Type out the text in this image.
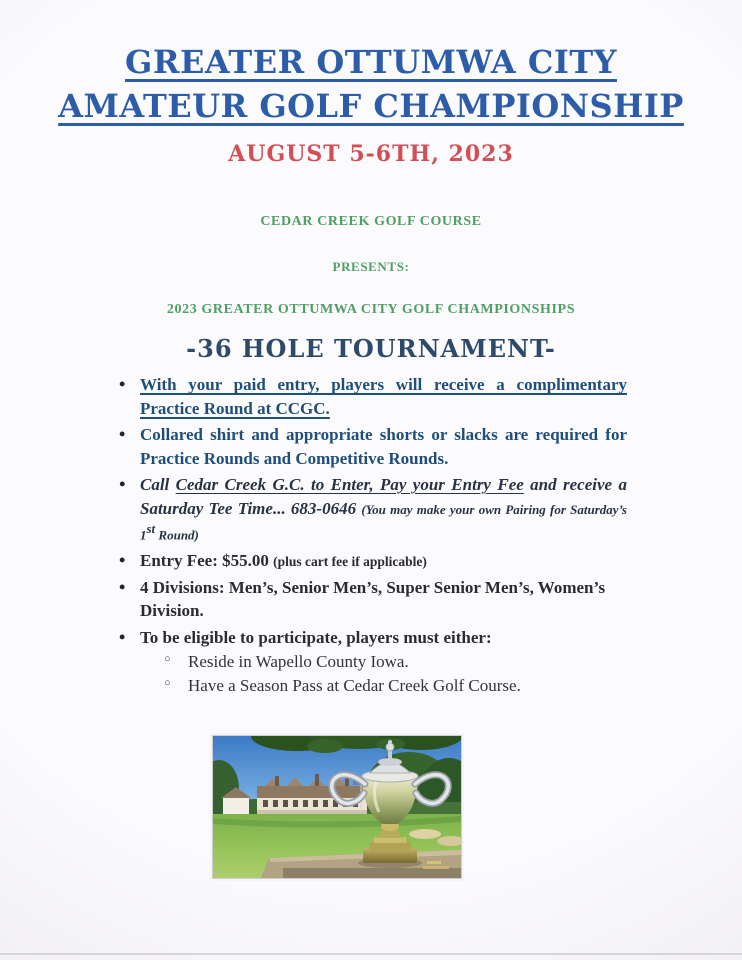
GREATER OTTUMWA CITY
AMATEUR GOLF CHAMPIONSHIP
AUGUST 5-6TH, 2023
CEDAR CREEK GOLF COURSE
PRESENTS:
2023 GREATER OTTUMWA CITY GOLF CHAMPIONSHIPS
-36 HOLE TOURNAMENT-
• With your paid entry, players will receive a complimentary Practice Round at CCGC.
• Collared shirt and appropriate shorts or slacks are required for Practice Rounds and Competitive Rounds.
• Call Cedar Creek G.C. to Enter, Pay your Entry Fee and receive a Saturday Tee Time... 683-0646 (You may make your own Pairing for Saturday’s 1st Round)
• Entry Fee: $55.00 (plus cart fee if applicable)
• 4 Divisions: Men’s, Senior Men’s, Super Senior Men’s, Women’s Division.
• To be eligible to participate, players must either:
○ Reside in Wapello County Iowa.
○ Have a Season Pass at Cedar Creek Golf Course.
